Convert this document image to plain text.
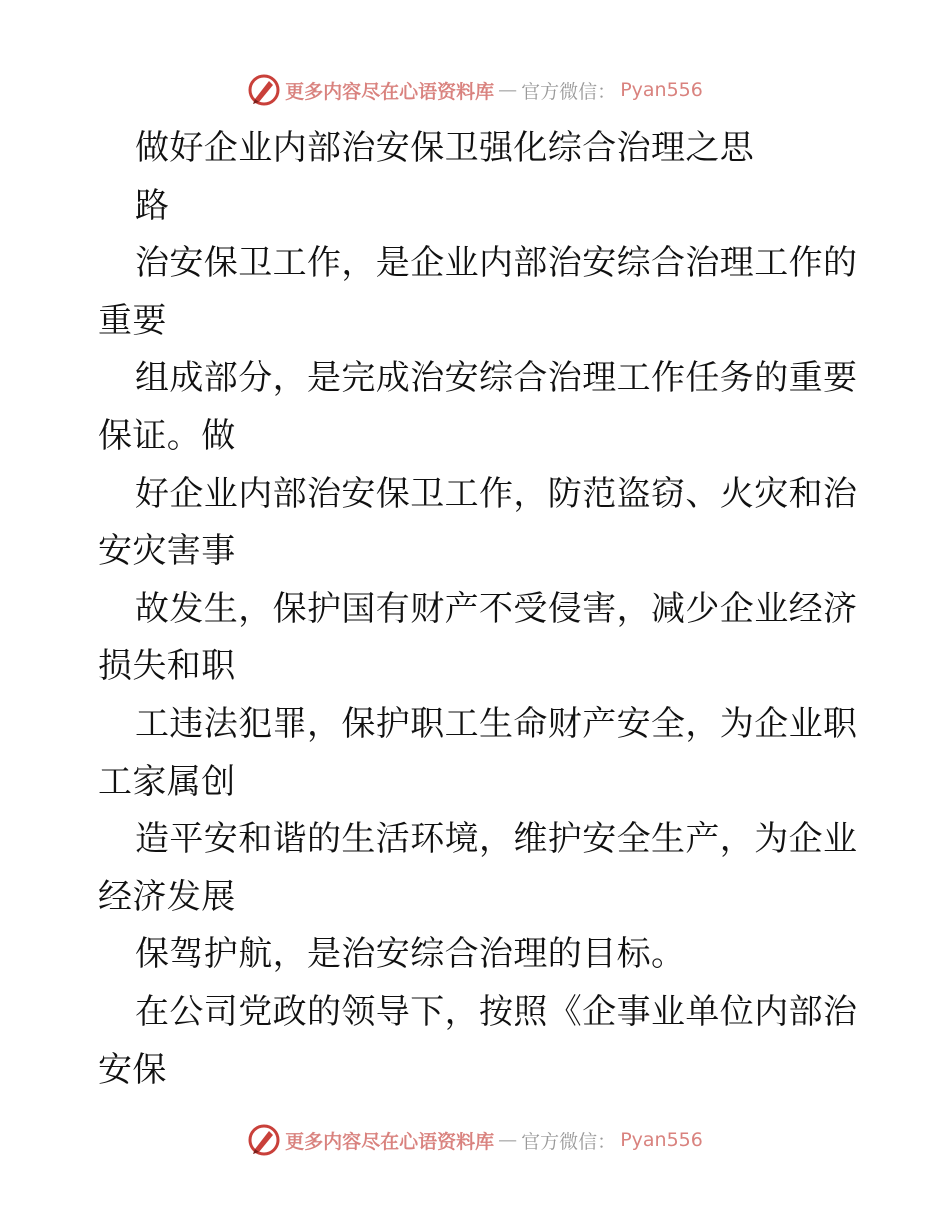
更多内容尽在心语资料库 — 官方微信： Pyan556
做好企业内部治安保卫强化综合治理之思
路
治安保卫工作，是企业内部治安综合治理工作的
重要
组成部分，是完成治安综合治理工作任务的重要
保证。做
好企业内部治安保卫工作，防范盗窃、火灾和治
安灾害事
故发生，保护国有财产不受侵害，减少企业经济
损失和职
工违法犯罪，保护职工生命财产安全，为企业职
工家属创
造平安和谐的生活环境，维护安全生产，为企业
经济发展
保驾护航，是治安综合治理的目标。
在公司党政的领导下，按照《企事业单位内部治
安保
更多内容尽在心语资料库 — 官方微信： Pyan556
